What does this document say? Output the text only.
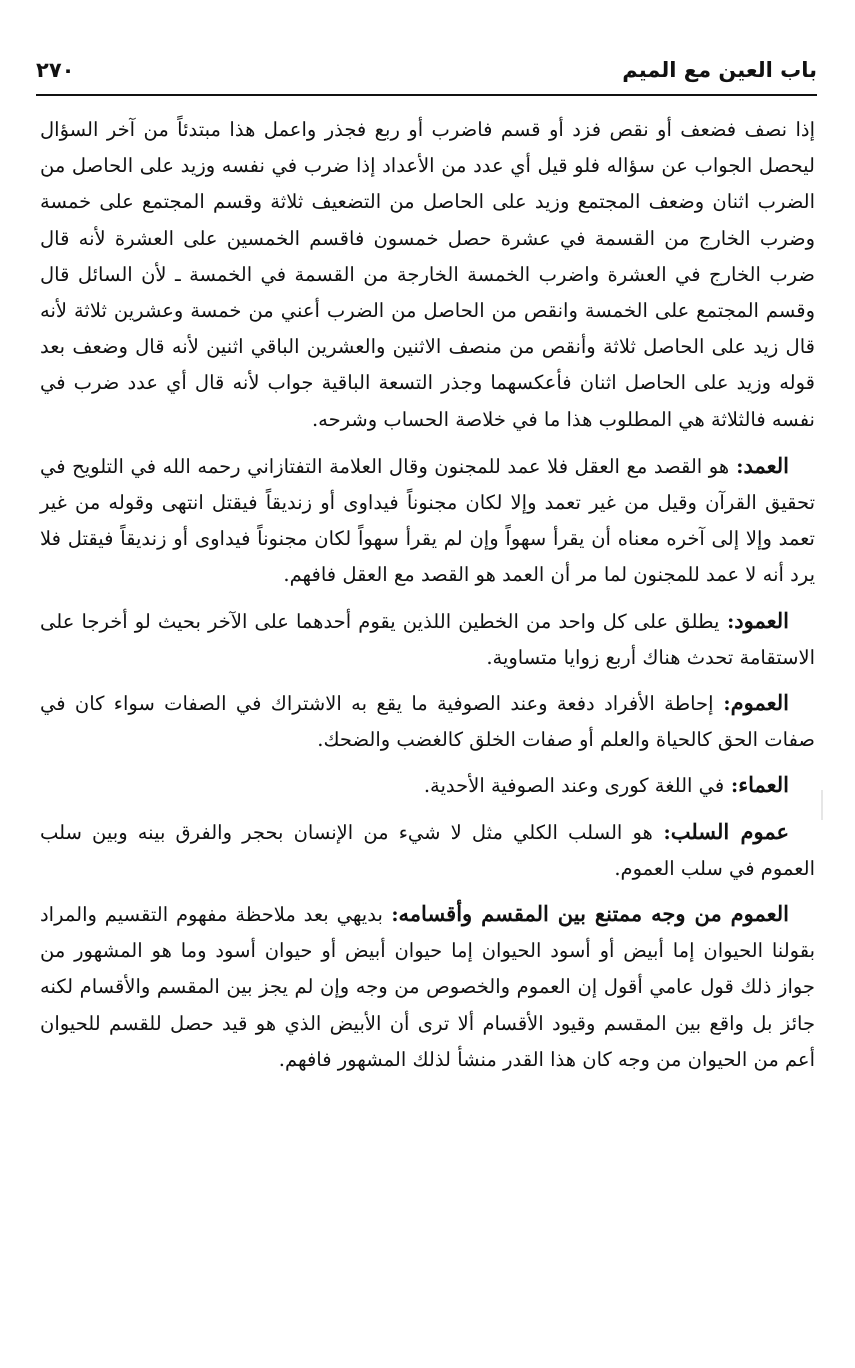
باب العين مع الميم
٢٧٠

إذا نصف فضعف أو نقص فزد أو قسم فاضرب أو ربع فجذر واعمل هذا مبتدئاً من آخر السؤال ليحصل الجواب عن سؤاله فلو قيل أي عدد من الأعداد إذا ضرب في نفسه وزيد على الحاصل من الضرب اثنان وضعف المجتمع وزيد على الحاصل من التضعيف ثلاثة وقسم المجتمع على خمسة وضرب الخارج من القسمة في عشرة حصل خمسون فاقسم الخمسين على العشرة لأنه قال ضرب الخارج في العشرة واضرب الخمسة الخارجة من القسمة في الخمسة ـ لأن السائل قال وقسم المجتمع على الخمسة وانقص من الحاصل من الضرب أعني من خمسة وعشرين ثلاثة لأنه قال زيد على الحاصل ثلاثة وأنقص من منصف الاثنين والعشرين الباقي اثنين لأنه قال وضعف بعد قوله وزيد على الحاصل اثنان فأعكسهما وجذر التسعة الباقية جواب لأنه قال أي عدد ضرب في نفسه فالثلاثة هي المطلوب هذا ما في خلاصة الحساب وشرحه.

العمد: هو القصد مع العقل فلا عمد للمجنون وقال العلامة التفتازاني رحمه الله في التلويح في تحقيق القرآن وقيل من غير تعمد وإلا لكان مجنوناً فيداوى أو زنديقاً فيقتل انتهى وقوله من غير تعمد وإلا إلى آخره معناه أن يقرأ سهواً وإن لم يقرأ سهواً لكان مجنوناً فيداوى أو زنديقاً فيقتل فلا يرد أنه لا عمد للمجنون لما مر أن العمد هو القصد مع العقل فافهم.

العمود: يطلق على كل واحد من الخطين اللذين يقوم أحدهما على الآخر بحيث لو أخرجا على الاستقامة تحدث هناك أربع زوايا متساوية.

العموم: إحاطة الأفراد دفعة وعند الصوفية ما يقع به الاشتراك في الصفات سواء كان في صفات الحق كالحياة والعلم أو صفات الخلق كالغضب والضحك.

العماء: في اللغة كورى وعند الصوفية الأحدية.

عموم السلب: هو السلب الكلي مثل لا شيء من الإنسان بحجر والفرق بينه وبين سلب العموم في سلب العموم.

العموم من وجه ممتنع بين المقسم وأقسامه: بديهي بعد ملاحظة مفهوم التقسيم والمراد بقولنا الحيوان إما أبيض أو أسود الحيوان إما حيوان أبيض أو حيوان أسود وما هو المشهور من جواز ذلك قول عامي أقول إن العموم والخصوص من وجه وإن لم يجز بين المقسم والأقسام لكنه جائز بل واقع بين المقسم وقيود الأقسام ألا ترى أن الأبيض الذي هو قيد حصل للقسم للحيوان أعم من الحيوان من وجه كان هذا القدر منشأ لذلك المشهور فافهم.
